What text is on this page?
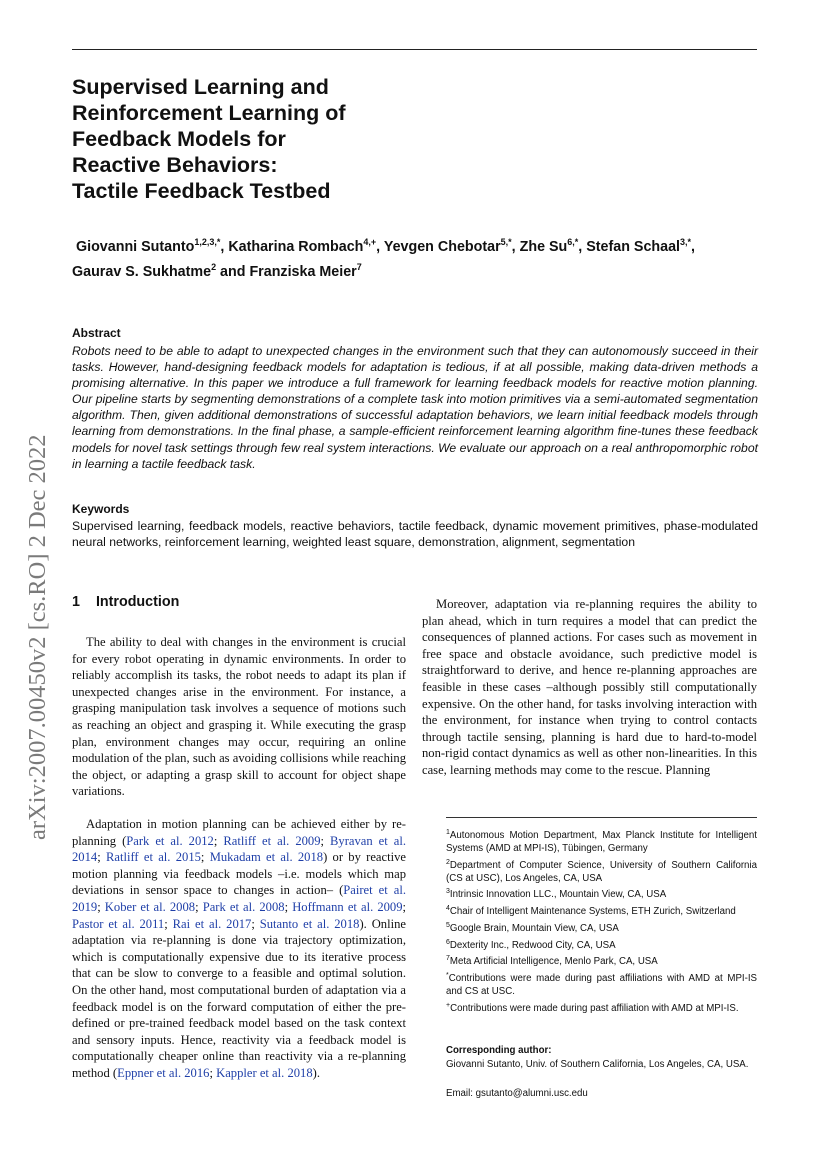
arXiv:2007.00450v2 [cs.RO] 2 Dec 2022
Supervised Learning and
Reinforcement Learning of
Feedback Models for
Reactive Behaviors:
Tactile Feedback Testbed

Giovanni Sutanto$^{1,2,3,*}$, Katharina Rombach$^{4,+}$, Yevgen Chebotar$^{5,*}$, Zhe $Su^{6,*}$, Stefan Schaal$^{3,*}$, Gaurav S. Sukhatme$^2$ and Franziska Meier$^7$

Abstract

Robots need to be able to adapt to unexpected changes in the environment such that they can autonomously succeed in their tasks. However, hand-designing feedback models for adaptation is tedious, if at all possible, making data-driven methods a promising alternative. In this paper we introduce a full framework for learning feedback models for reactive motion planning. Our pipeline starts by segmenting demonstrations of a complete task into motion primitives via a semi-automated segmentation algorithm. Then, given additional demonstrations of successful adaptation behaviors, we learn initial feedback models through learning from demonstrations. In the final phase, a sample-efficient reinforcement learning algorithm fine-tunes these feedback models for novel task settings through few real system interactions. We evaluate our approach on a real anthropomorphic robot in learning a tactile feedback task.

Keywords

Supervised learning, feedback models, reactive behaviors, tactile feedback, dynamic movement primitives, phase-modulated neural networks, reinforcement learning, weighted least square, demonstration, alignment, segmentation

1 Introduction

The ability to deal with changes in the environment is crucial for every robot operating in dynamic environments. In order to reliably accomplish its tasks, the robot needs to adapt its plan if unexpected changes arise in the environment. For instance, a grasping manipulation task involves a sequence of motions such as reaching an object and grasping it. While executing the grasp plan, environment changes may occur, requiring an online modulation of the plan, such as avoiding collisions while reaching the object, or adapting a grasp skill to account for object shape variations.

Adaptation in motion planning can be achieved either by re-planning (Park et al. 2012; Ratliff et al. 2009; Byravan et al. 2014; Ratliff et al. 2015; Mukadam et al. 2018) or by reactive motion planning via feedback models –i.e. models which map deviations in sensor space to changes in action– (Pairet et al. 2019; Kober et al. 2008; Park et al. 2008; Hoffmann et al. 2009; Pastor et al. 2011; Rai et al. 2017; Sutanto et al. 2018). Online adaptation via re-planning is done via trajectory optimization, which is computationally expensive due to its iterative process that can be slow to converge to a feasible and optimal solution. On the other hand, most computational burden of adaptation via a feedback model is on the forward computation of either the pre-defined or pre-trained feedback model based on the task context and sensory inputs. Hence, reactivity via a feedback model is computationally cheaper online than reactivity via a re-planning method (Eppner et al. 2016; Kappler et al. 2018).

Moreover, adaptation via re-planning requires the ability to plan ahead, which in turn requires a model that can predict the consequences of planned actions. For cases such as movement in free space and obstacle avoidance, such predictive model is straightforward to derive, and hence re-planning approaches are feasible in these cases –although possibly still computationally expensive. On the other hand, for tasks involving interaction with the environment, for instance when trying to control contacts through tactile sensing, planning is hard due to hard-to-model non-rigid contact dynamics as well as other non-linearities. In this case, learning methods may come to the rescue. Planning

$^1$Autonomous Motion Department, Max Planck Institute for Intelligent Systems (AMD at MPI-IS), Tübingen, Germany
$^2$Department of Computer Science, University of Southern California (CS at USC), Los Angeles, CA, USA
$^3$Intrinsic Innovation LLC., Mountain View, CA, USA
$^4$Chair of Intelligent Maintenance Systems, ETH Zurich, Switzerland
$^5$Google Brain, Mountain View, CA, USA
$^6$Dexterity Inc., Redwood City, CA, USA
$^7$Meta Artificial Intelligence, Menlo Park, CA, USA
*Contributions were made during past affiliations with AMD at MPI-IS and CS at USC.
+Contributions were made during past affiliation with AMD at MPI-IS.
Corresponding author:

Giovanni Sutanto, Univ. of Southern California, Los Angeles, CA, USA.

Email: gsutanto@alumni.usc.edu
